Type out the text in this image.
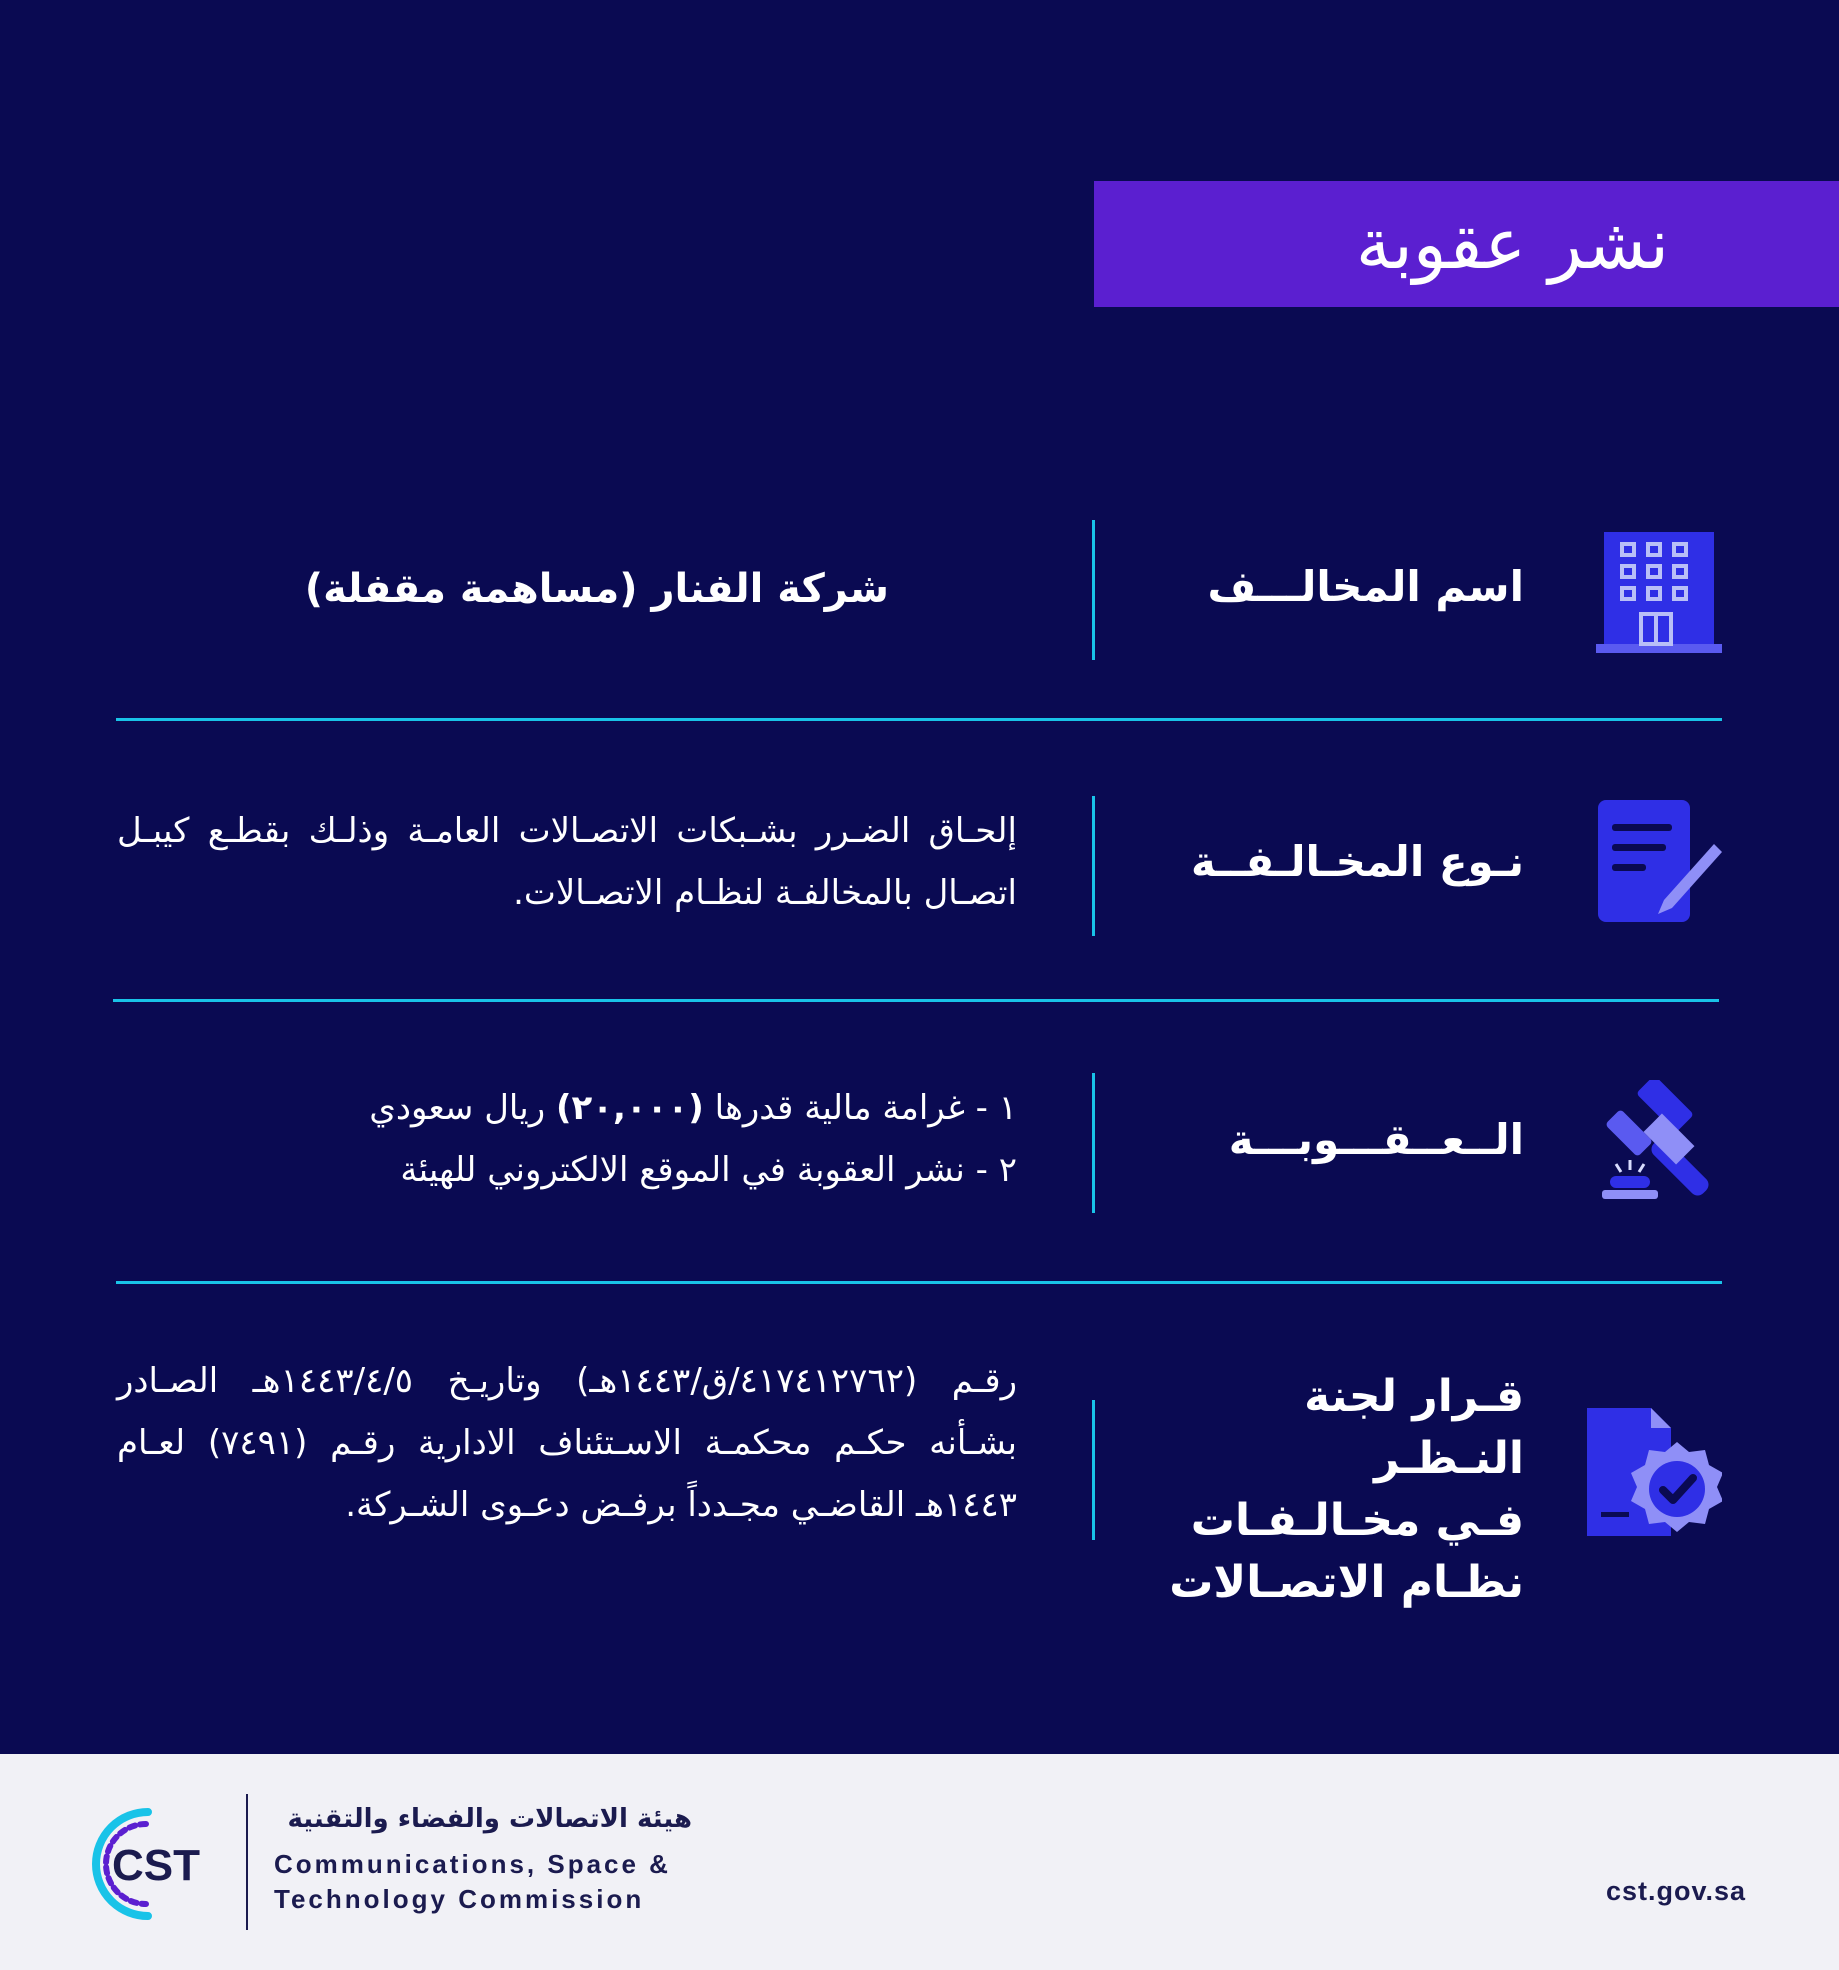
نشر عقوبة
اسم المخالـــف
شركة الفنار (مساهمة مقفلة)
نـوع المخـالـفــة
إلحـاق الضـرر بشـبكات الاتصـالات العامـة وذلـك بقطـع كيبـل اتصـال بالمخالفـة لنظـام الاتصـالات.
الــعــقـــوبـــة
١ - غرامة مالية قدرها (٢٠,٠٠٠) ريال سعودي
٢ - نشر العقوبة في الموقع الالكتروني للهيئة
قـرار لجنة النـظـر
فـي مخـالـفـات
نظـام الاتصـالات
رقـم (٤١٧٤١٢٧٦٢/ق/١٤٤٣هـ) وتاريـخ ١٤٤٣/٤/٥هـ الصـادر بشـأنه حكـم محكمـة الاسـتئناف الادارية رقـم (٧٤٩١) لعـام ١٤٤٣هـ القاضـي مجـدداً برفـض دعـوى الشـركة.
CST
هيئة الاتصالات والفضاء والتقنية
Communications, Space &
Technology Commission	cst.gov.sa
